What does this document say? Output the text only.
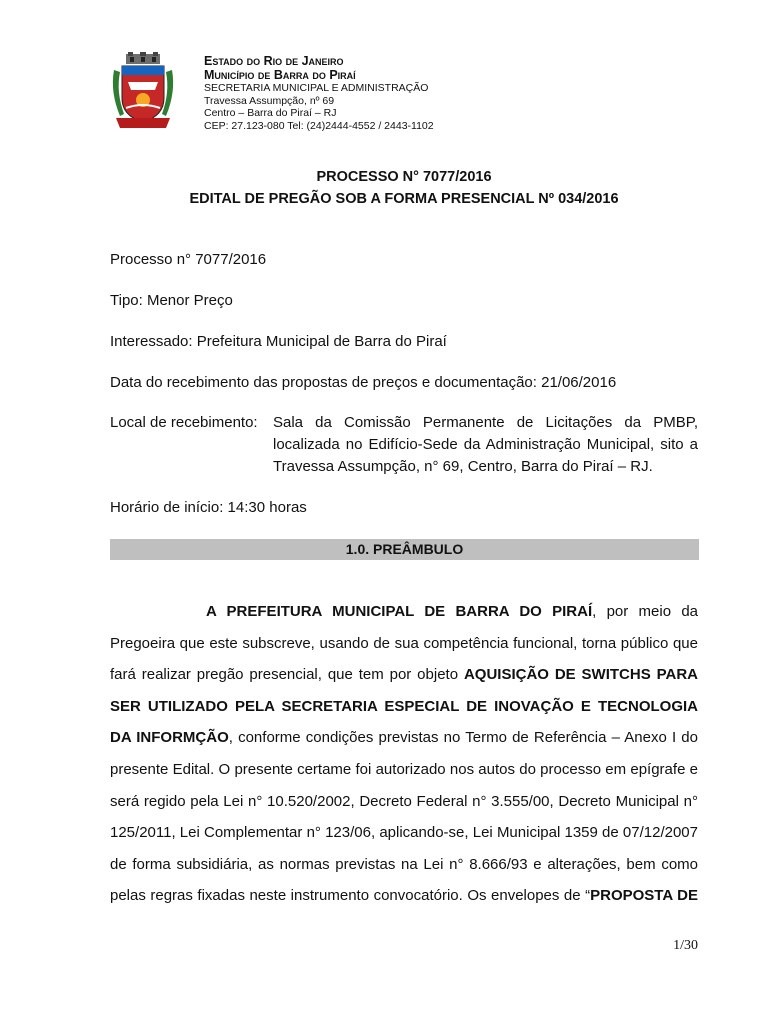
Estado do Rio de Janeiro
Município de Barra do Piraí
SECRETARIA MUNICIPAL E ADMINISTRAÇÃO
Travessa Assumpção, nº 69
Centro – Barra do Piraí – RJ
CEP: 27.123-080 Tel: (24)2444-4552 / 2443-1102
PROCESSO N° 7077/2016
EDITAL DE PREGÃO SOB A FORMA PRESENCIAL Nº 034/2016
Processo n° 7077/2016
Tipo: Menor Preço
Interessado: Prefeitura Municipal de Barra do Piraí
Data do recebimento das propostas de preços e documentação: 21/06/2016
Local de recebimento: Sala da Comissão Permanente de Licitações da PMBP, localizada no Edifício-Sede da Administração Municipal, sito a Travessa Assumpção, n° 69, Centro, Barra do Piraí – RJ.
Horário de início: 14:30 horas
1.0. PREÂMBULO
A PREFEITURA MUNICIPAL DE BARRA DO PIRAÍ, por meio da Pregoeira que este subscreve, usando de sua competência funcional, torna público que fará realizar pregão presencial, que tem por objeto AQUISIÇÃO DE SWITCHS PARA SER UTILIZADO PELA SECRETARIA ESPECIAL DE INOVAÇÃO E TECNOLOGIA DA INFORMÇÃO, conforme condições previstas no Termo de Referência – Anexo I do presente Edital. O presente certame foi autorizado nos autos do processo em epígrafe e será regido pela Lei n° 10.520/2002, Decreto Federal n° 3.555/00, Decreto Municipal n° 125/2011, Lei Complementar n° 123/06, aplicando-se, Lei Municipal 1359 de 07/12/2007 de forma subsidiária, as normas previstas na Lei n° 8.666/93 e alterações, bem como pelas regras fixadas neste instrumento convocatório. Os envelopes de “PROPOSTA DE
1/30
